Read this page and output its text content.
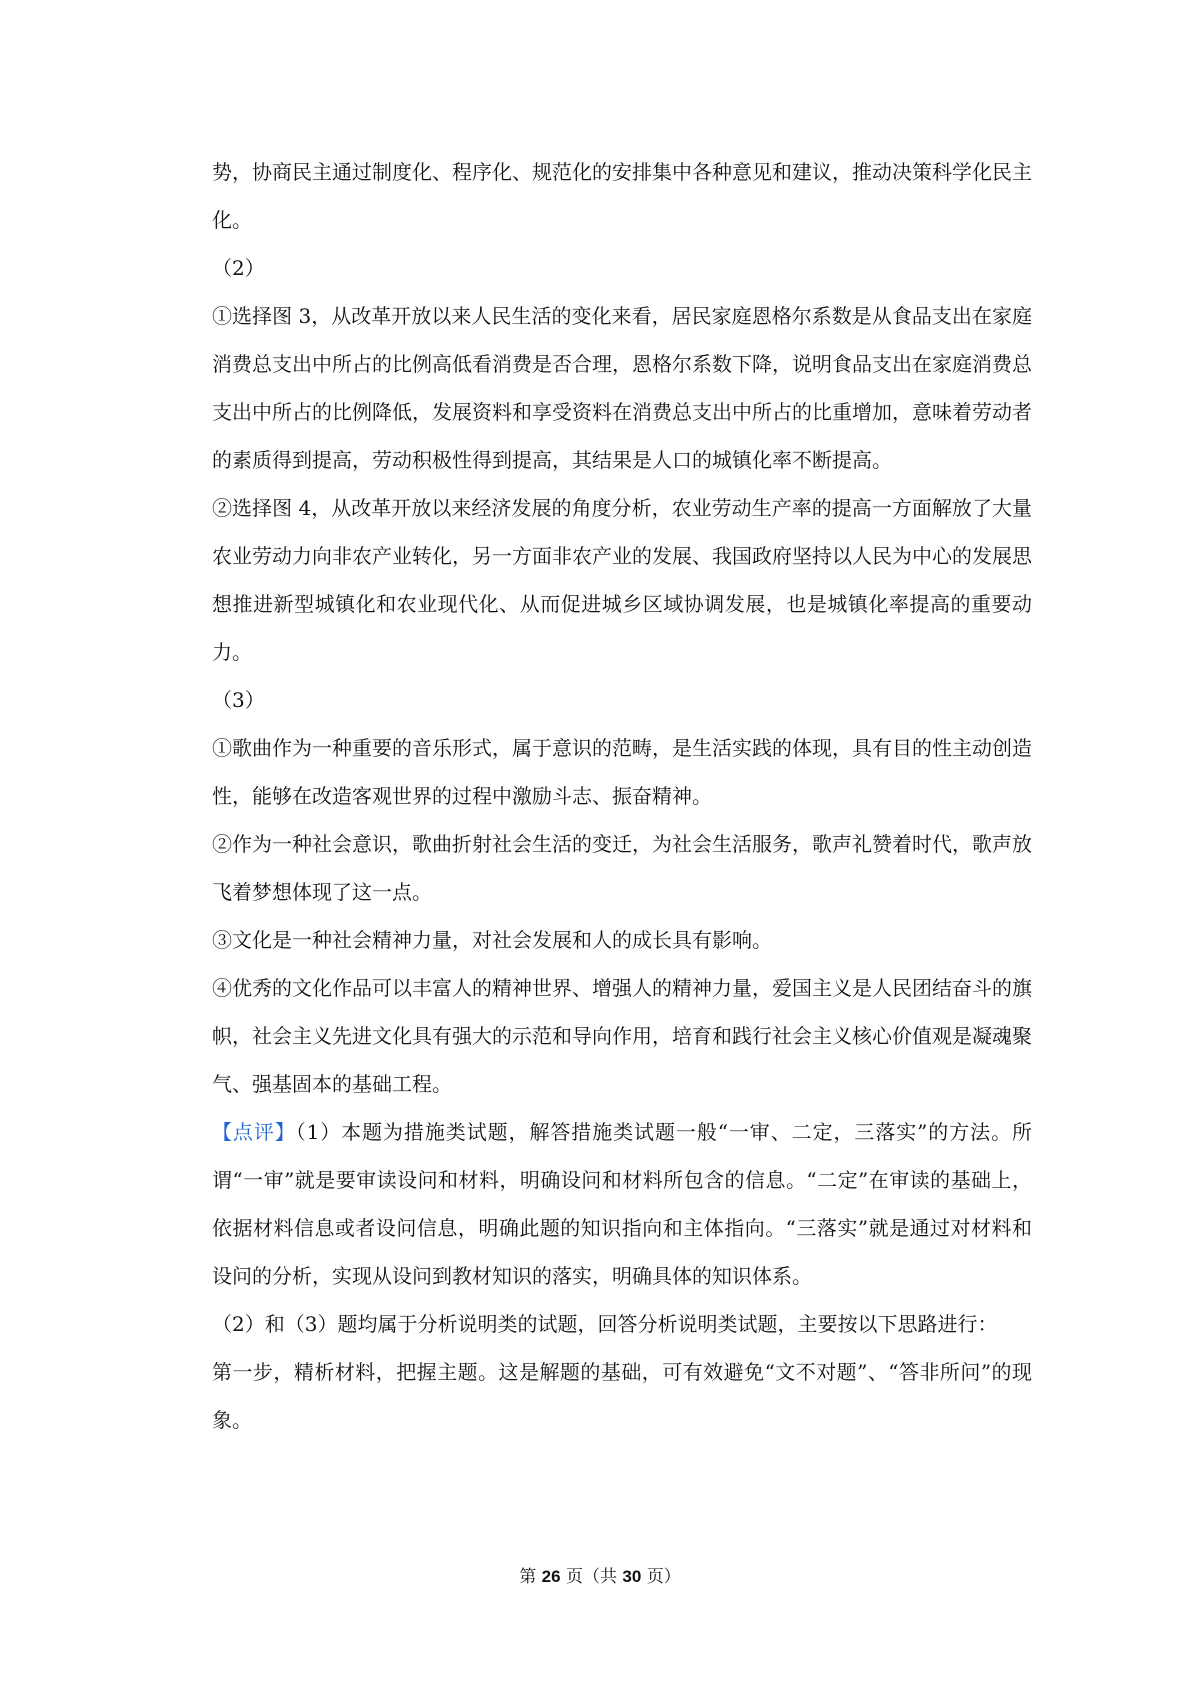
势，协商民主通过制度化、程序化、规范化的安排集中各种意见和建议，推动决策科学化民主化。

（2）

①选择图 3，从改革开放以来人民生活的变化来看，居民家庭恩格尔系数是从食品支出在家庭消费总支出中所占的比例高低看消费是否合理，恩格尔系数下降，说明食品支出在家庭消费总支出中所占的比例降低，发展资料和享受资料在消费总支出中所占的比重增加，意味着劳动者的素质得到提高，劳动积极性得到提高，其结果是人口的城镇化率不断提高。

②选择图 4，从改革开放以来经济发展的角度分析，农业劳动生产率的提高一方面解放了大量农业劳动力向非农产业转化，另一方面非农产业的发展、我国政府坚持以人民为中心的发展思想推进新型城镇化和农业现代化、从而促进城乡区域协调发展，也是城镇化率提高的重要动力。

（3）

①歌曲作为一种重要的音乐形式，属于意识的范畴，是生活实践的体现，具有目的性主动创造性，能够在改造客观世界的过程中激励斗志、振奋精神。

②作为一种社会意识，歌曲折射社会生活的变迁，为社会生活服务，歌声礼赞着时代，歌声放飞着梦想体现了这一点。

③文化是一种社会精神力量，对社会发展和人的成长具有影响。

④优秀的文化作品可以丰富人的精神世界、增强人的精神力量，爱国主义是人民团结奋斗的旗帜，社会主义先进文化具有强大的示范和导向作用，培育和践行社会主义核心价值观是凝魂聚气、强基固本的基础工程。

【点评】（1）本题为措施类试题，解答措施类试题一般“一审、二定，三落实”的方法。所谓“一审”就是要审读设问和材料，明确设问和材料所包含的信息。“二定”在审读的基础上，依据材料信息或者设问信息，明确此题的知识指向和主体指向。“三落实”就是通过对材料和设问的分析，实现从设问到教材知识的落实，明确具体的知识体系。

（2）和（3）题均属于分析说明类的试题，回答分析说明类试题，主要按以下思路进行：

第一步，精析材料，把握主题。这是解题的基础，可有效避免“文不对题”、“答非所问”的现象。

第 26 页（共 30 页）
